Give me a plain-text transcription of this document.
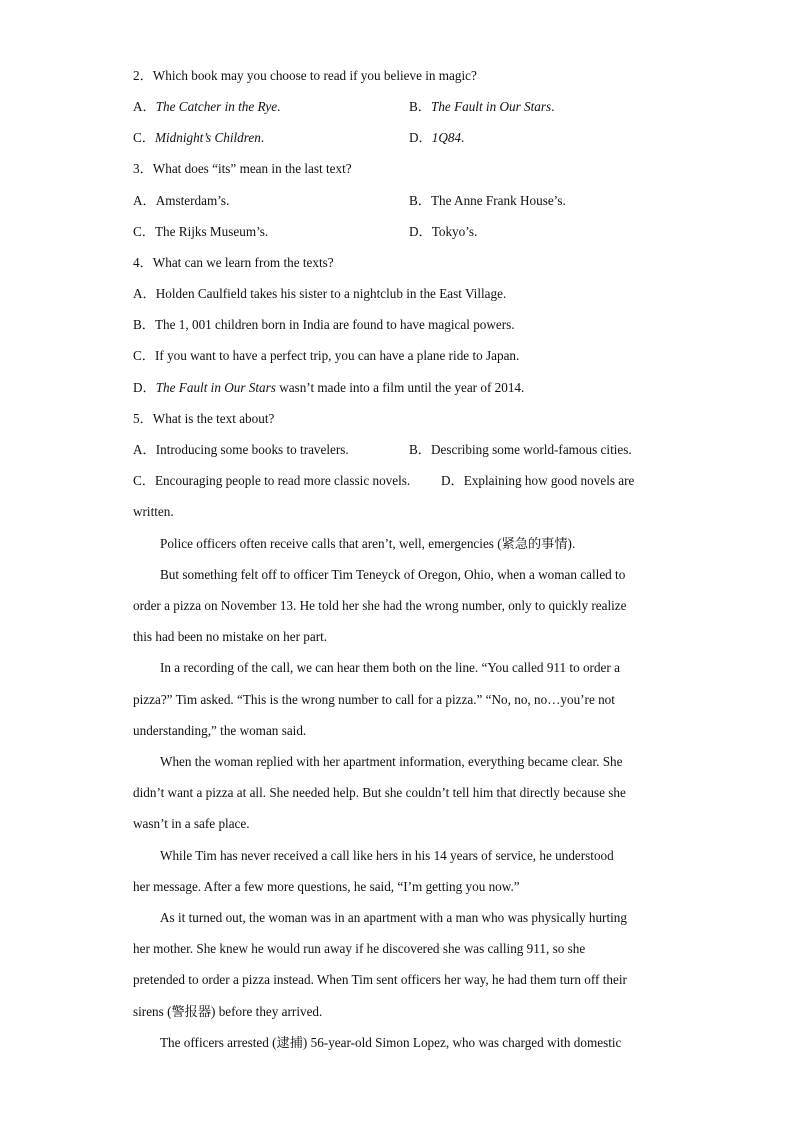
2．Which book may you choose to read if you believe in magic?
A．The Catcher in the Rye.	B．The Fault in Our Stars.
C．Midnight’s Children.	D．1Q84.
3．What does “its” mean in the last text?
A．Amsterdam’s.	B．The Anne Frank House’s.
C．The Rijks Museum’s.	D．Tokyo’s.
4．What can we learn from the texts?
A．Holden Caulfield takes his sister to a nightclub in the East Village.
B．The 1, 001 children born in India are found to have magical powers.
C．If you want to have a perfect trip, you can have a plane ride to Japan.
D．The Fault in Our Stars wasn’t made into a film until the year of 2014.
5．What is the text about?
A．Introducing some books to travelers.	B．Describing some world-famous cities.
C．Encouraging people to read more classic novels. D．Explaining how good novels are
written.
Police officers often receive calls that aren’t, well, emergencies (紧急的事情).
But something felt off to officer Tim Teneyck of Oregon, Ohio, when a woman called to
order a pizza on November 13. He told her she had the wrong number, only to quickly realize
this had been no mistake on her part.
In a recording of the call, we can hear them both on the line. “You called 911 to order a
pizza?” Tim asked. “This is the wrong number to call for a pizza.” “No, no, no…you’re not
understanding,” the woman said.
When the woman replied with her apartment information, everything became clear. She
didn’t want a pizza at all. She needed help. But she couldn’t tell him that directly because she
wasn’t in a safe place.
While Tim has never received a call like hers in his 14 years of service, he understood
her message. After a few more questions, he said, “I’m getting you now.”
As it turned out, the woman was in an apartment with a man who was physically hurting
her mother. She knew he would run away if he discovered she was calling 911, so she
pretended to order a pizza instead. When Tim sent officers her way, he had them turn off their
sirens (警报器) before they arrived.
The officers arrested (逮捕) 56-year-old Simon Lopez, who was charged with domestic
